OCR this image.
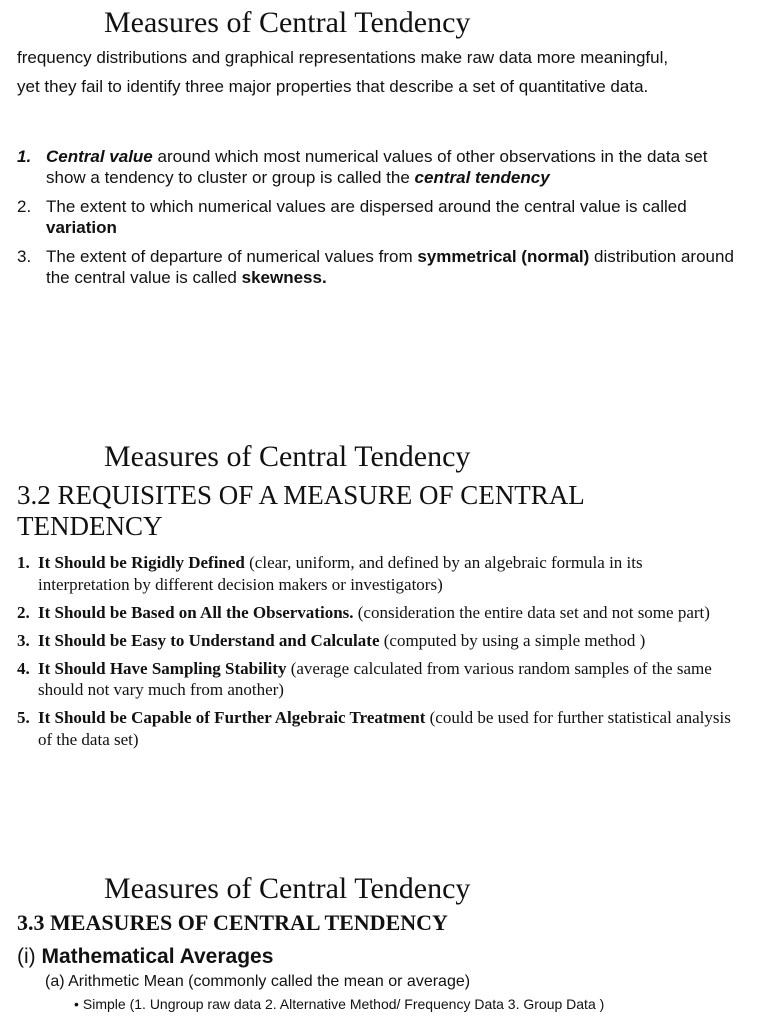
Measures of Central Tendency

frequency distributions and graphical representations make raw data more meaningful,

yet they fail to identify three major properties that describe a set of quantitative data.

1. Central value around which most numerical values of other observations in the data set show a tendency to cluster or group is called the central tendency
2. The extent to which numerical values are dispersed around the central value is called variation
3. The extent of departure of numerical values from symmetrical (normal) distribution around the central value is called skewness.
Measures of Central Tendency
3.2 REQUISITES OF A MEASURE OF CENTRAL TENDENCY
1. It Should be Rigidly Defined (clear, uniform, and defined by an algebraic formula in its interpretation by different decision makers or investigators)
2. It Should be Based on All the Observations. (consideration the entire data set and not some part)
3. It Should be Easy to Understand and Calculate (computed by using a simple method )
4. It Should Have Sampling Stability (average calculated from various random samples of the same should not vary much from another)
5. It Should be Capable of Further Algebraic Treatment (could be used for further statistical analysis of the data set)
Measures of Central Tendency
3.3 MEASURES OF CENTRAL TENDENCY

(i) Mathematical Averages

(a) Arithmetic Mean (commonly called the mean or average)

• Simple (1. Ungroup raw data 2. Alternative Method/ Frequency Data 3. Group Data )
